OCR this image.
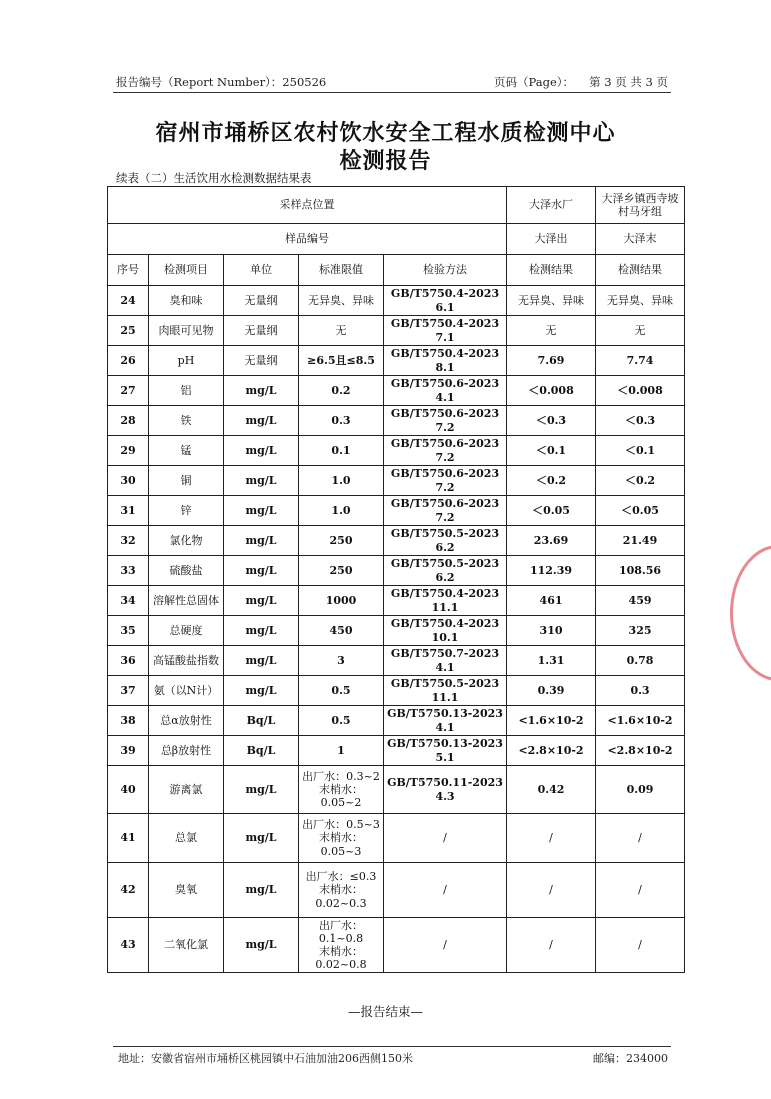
报告编号（Report Number）：250526	页码（Page）： 第 3 页 共 3 页
宿州市埇桥区农村饮水安全工程水质检测中心
检测报告
续表（二）生活饮用水检测数据结果表
采样点位置					大泽水厂	大泽乡镇西寺坡村马牙组
样品编号					大泽出	大泽末
序号	检测项目	单位	标准限值	检验方法	检测结果	检测结果
24	臭和味	无量纲	无异臭、异味	GB/T5750.4-2023 6.1	无异臭、异味	无异臭、异味
25	肉眼可见物	无量纲	无	GB/T5750.4-2023 7.1	无	无
26	pH	无量纲	≥6.5且≤8.5	GB/T5750.4-2023 8.1	7.69	7.74
27	铝	mg/L	0.2	GB/T5750.6-2023 4.1	＜0.008	＜0.008
28	铁	mg/L	0.3	GB/T5750.6-2023 7.2	＜0.3	＜0.3
29	锰	mg/L	0.1	GB/T5750.6-2023 7.2	＜0.1	＜0.1
30	铜	mg/L	1.0	GB/T5750.6-2023 7.2	＜0.2	＜0.2
31	锌	mg/L	1.0	GB/T5750.6-2023 7.2	＜0.05	＜0.05
32	氯化物	mg/L	250	GB/T5750.5-2023 6.2	23.69	21.49
33	硫酸盐	mg/L	250	GB/T5750.5-2023 6.2	112.39	108.56
34	溶解性总固体	mg/L	1000	GB/T5750.4-2023 11.1	461	459
35	总硬度	mg/L	450	GB/T5750.4-2023 10.1	310	325
36	高锰酸盐指数	mg/L	3	GB/T5750.7-2023 4.1	1.31	0.78
37	氨（以N计）	mg/L	0.5	GB/T5750.5-2023 11.1	0.39	0.3
38	总α放射性	Bq/L	0.5	GB/T5750.13-2023 4.1	<1.6×10-2	<1.6×10-2
39	总β放射性	Bq/L	1	GB/T5750.13-2023 5.1	<2.8×10-2	<2.8×10-2
40	游离氯	mg/L	出厂水：0.3~2
末梢水：0.05~2	GB/T5750.11-2023 4.3	0.42	0.09
41	总氯	mg/L	出厂水：0.5~3
末梢水：0.05~3	/	/	/
42	臭氧	mg/L	出厂水：≤0.3
末梢水：
0.02~0.3	/	/	/
43	二氧化氯	mg/L	出厂水：0.1~0.8
末梢水：
0.02~0.8	/	/	/
—报告结束—
地址：安徽省宿州市埇桥区桃园镇中石油加油206西侧150米	邮编：234000
